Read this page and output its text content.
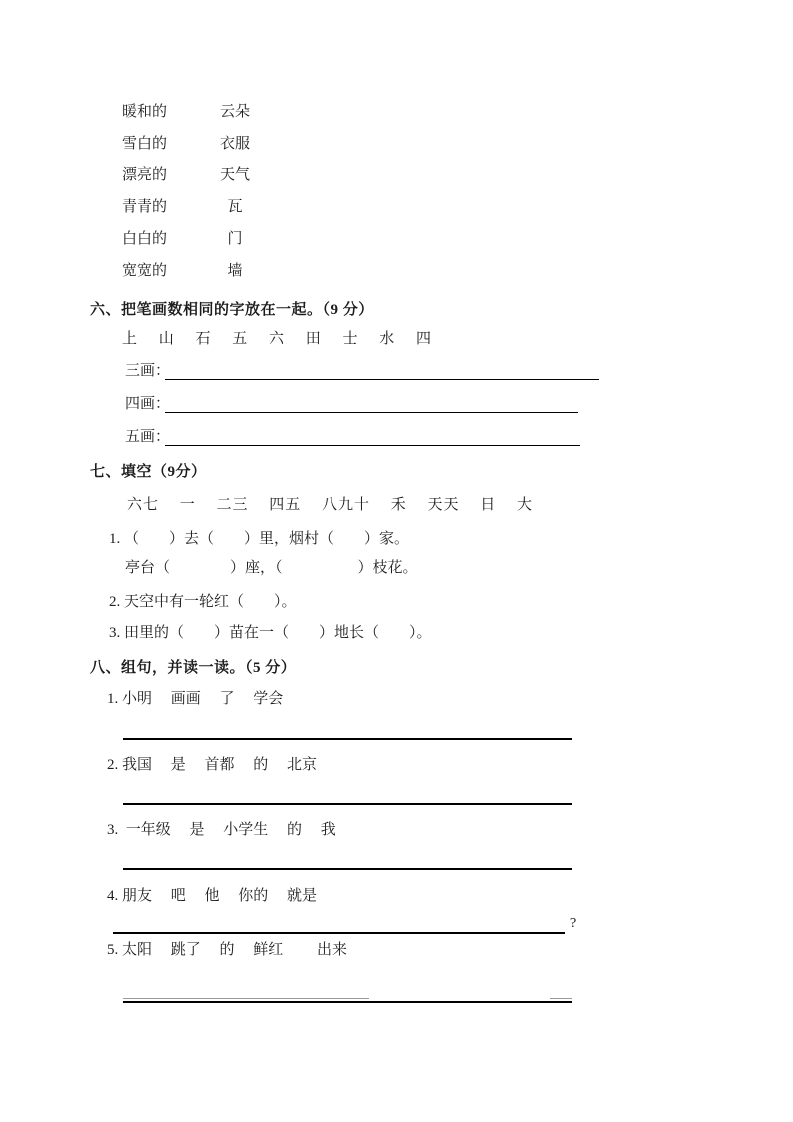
暖和的	云朵
雪白的	衣服
漂亮的	天气
青青的	瓦
白白的	门
宽宽的	墙
六、把笔画数相同的字放在一起。（9 分）
上　 山　 石　 五　 六　 田　 士　 水　 四
三画：
四画：
五画：
七、填空（9分）
六七　 一　 二三　 四五　 八九十　 禾　 天天　 日　 大
1. （　　）去（　　）里，烟村（　　）家。
亭台（　　　　）座，（　　　　　）枝花。
2. 天空中有一轮红（　　）。
3. 田里的（　　）苗在一（　　）地长（　　）。
八、组句，并读一读。（5 分）
1. 小明　 画画　 了　 学会
2. 我国　 是　 首都　 的　 北京
3.  一年级　 是　 小学生　 的　 我
4. 朋友　 吧　 他　 你的　 就是
?
5. 太阳　 跳了　 的　 鲜红　　 出来
